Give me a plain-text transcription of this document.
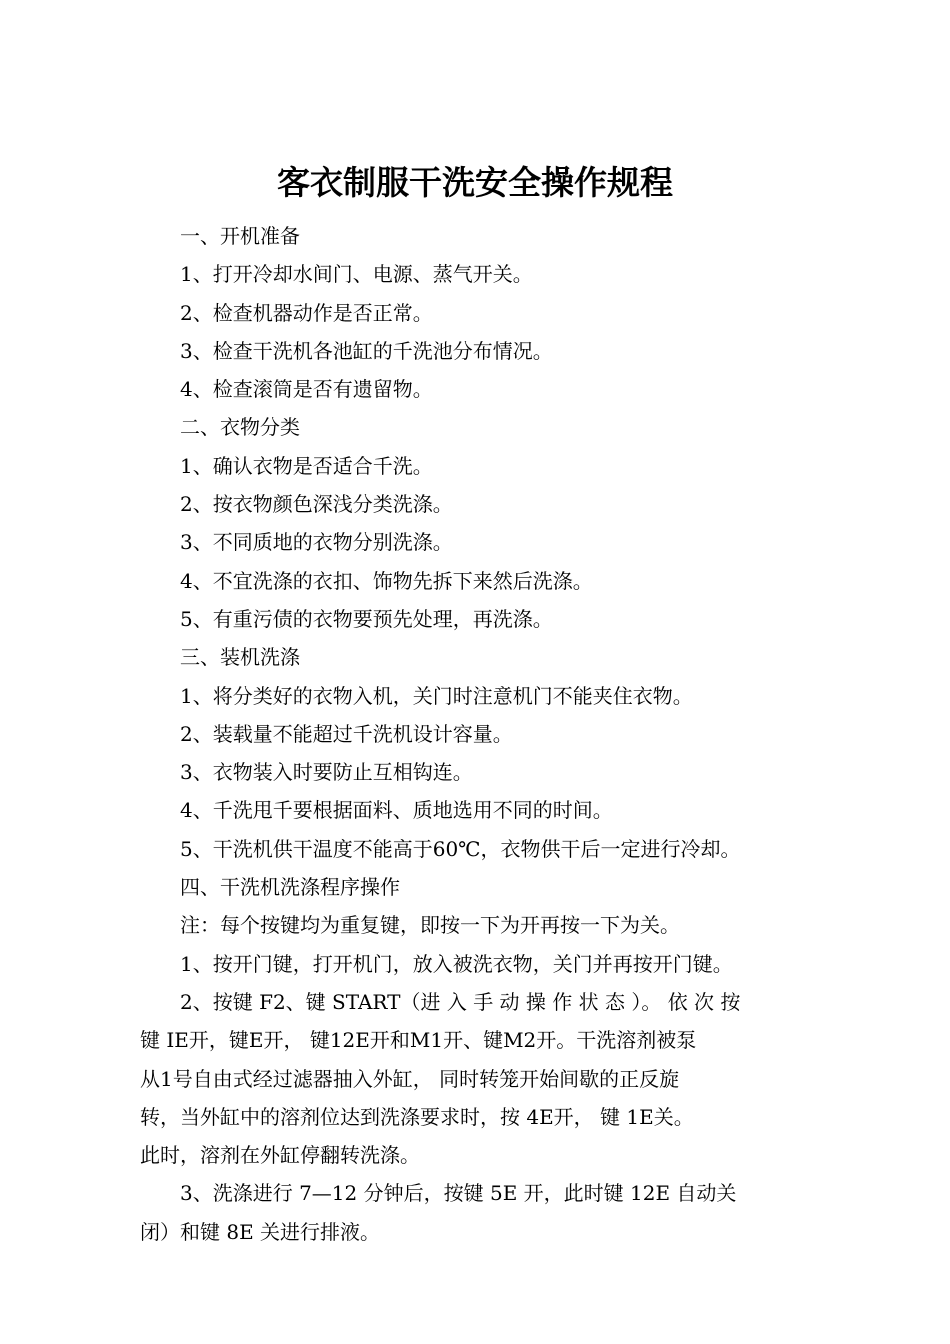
客衣制服干洗安全操作规程
一、开机准备
1、打开冷却水间门、电源、蒸气开关。
2、检查机器动作是否正常。
3、检查干洗机各池缸的千洗池分布情况。
4、检查滚筒是否有遗留物。
二、衣物分类
1、确认衣物是否适合千洗。
2、按衣物颜色深浅分类洗涤。
3、不同质地的衣物分别洗涤。
4、不宜洗涤的衣扣、饰物先拆下来然后洗涤。
5、有重污债的衣物要预先处理，再洗涤。
三、装机洗涤
1、将分类好的衣物入机，关门时注意机门不能夹住衣物。
2、装载量不能超过千洗机设计容量。
3、衣物装入时要防止互相钩连。
4、千洗甩千要根据面料、质地选用不同的时间。
5、干洗机供干温度不能高于60℃，衣物供干后一定进行冷却。
四、干洗机洗涤程序操作
注：每个按键均为重复键，即按一下为开再按一下为关。
1、按开门键，打开机门，放入被洗衣物，关门并再按开门键。
2、按键 F2、键 START（进 入 手 动 操 作 状 态 ）。 依 次 按
键 IE开，键E开， 键12E开和M1开、键M2开。干洗溶剂被泵
从1号自由式经过滤器抽入外缸， 同时转笼开始间歇的正反旋
转，当外缸中的溶剂位达到洗涤要求时，按 4E开， 键 1E关。
此时，溶剂在外缸停翻转洗涤。
3、洗涤进行 7—12 分钟后，按键 5E 开，此时键 12E 自动关
闭）和键 8E 关进行排液。
